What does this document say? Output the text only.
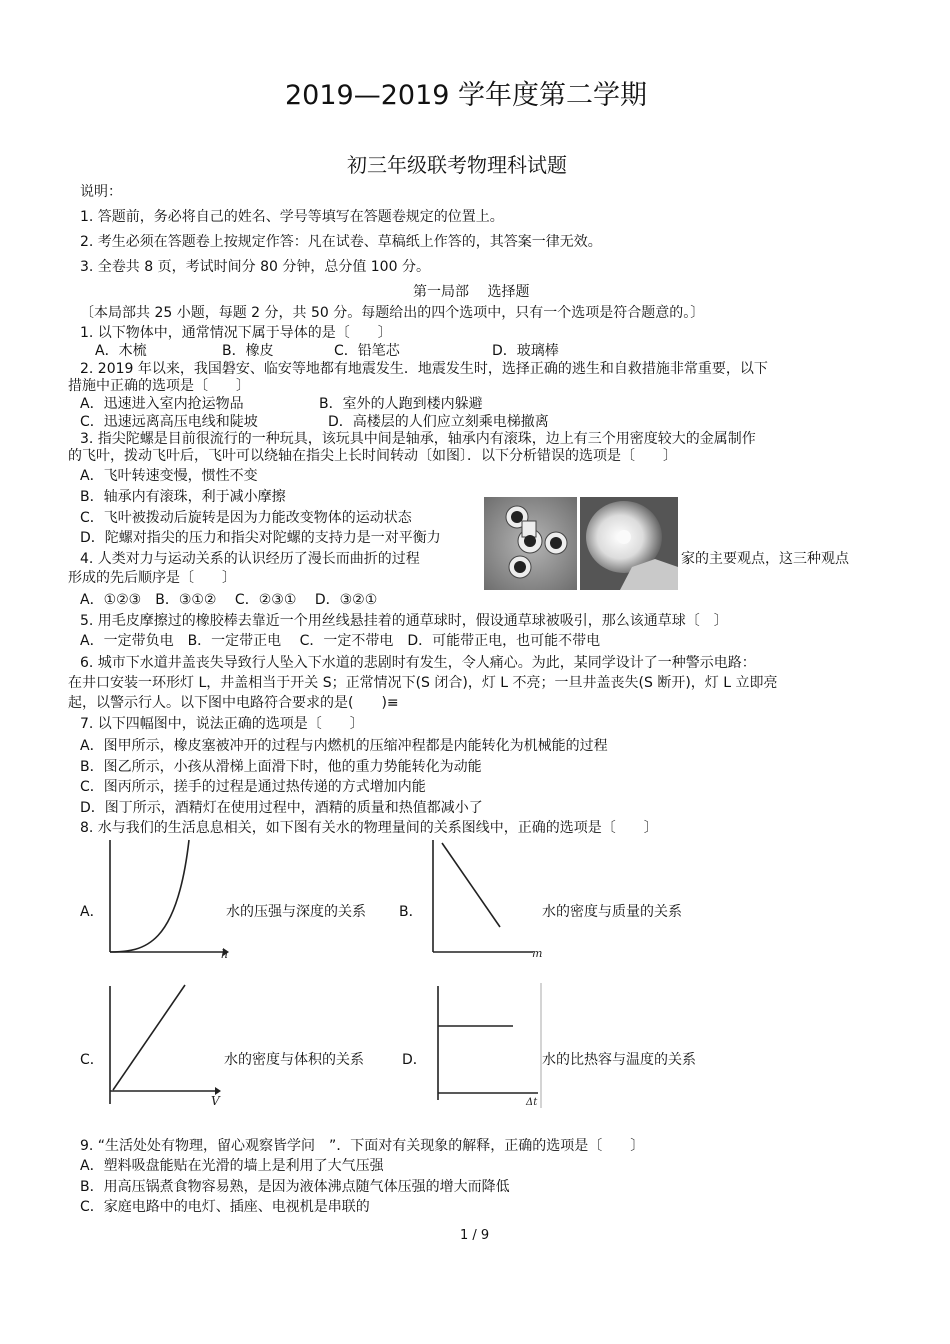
2019—2019 学年度第二学期
初三年级联考物理科试题
说明：
1. 答题前，务必将自己的姓名、学号等填写在答题卷规定的位置上。
2. 考生必须在答题卷上按规定作答：凡在试卷、草稿纸上作答的，其答案一律无效。
3. 全卷共 8 页，考试时间分 80 分钟，总分值 100 分。
第一局部　 选择题
〔本局部共 25 小题，每题 2 分，共 50 分。每题给出的四个选项中，只有一个选项是符合题意的。〕
1. 以下物体中，通常情况下属于导体的是〔　　〕
A．木梳	B．橡皮	C．铅笔芯	D．玻璃棒
2. 2019 年以来，我国磐安、临安等地都有地震发生．地震发生时，选择正确的逃生和自救措施非常重要，以下
措施中正确的选项是〔　　〕
A．迅速进入室内抢运物品	B．室外的人跑到楼内躲避
C．迅速远离高压电线和陡坡	D．高楼层的人们应立刻乘电梯撤离
3. 指尖陀螺是目前很流行的一种玩具，该玩具中间是轴承，轴承内有滚珠，边上有三个用密度较大的金属制作
的飞叶，拨动飞叶后，飞叶可以绕轴在指尖上长时间转动〔如图〕．以下分析错误的选项是〔　　〕
A．飞叶转速变慢，惯性不变
B．轴承内有滚珠，利于减小摩擦
C．飞叶被拨动后旋转是因为力能改变物体的运动状态
D．陀螺对指尖的压力和指尖对陀螺的支持力是一对平衡力
4. 人类对力与运动关系的认识经历了漫长而曲折的过程	家的主要观点，这三种观点
形成的先后顺序是〔　　〕
A．①②③　B．③①②　 C．②③①　 D．③②①
5. 用毛皮摩擦过的橡胶棒去靠近一个用丝线悬挂着的通草球时，假设通草球被吸引，那么该通草球〔　〕
A．一定带负电　B．一定带正电　 C．一定不带电　D．可能带正电，也可能不带电
6. 城市下水道井盖丧失导致行人坠入下水道的悲剧时有发生，令人痛心。为此，某同学设计了一种警示电路：
在井口安装一环形灯 L，井盖相当于开关 S；正常情况下(S 闭合)，灯 L 不亮；一旦井盖丧失(S 断开)，灯 L 立即亮
起，以警示行人。以下图中电路符合要求的是(　　)≡
7. 以下四幅图中，说法正确的选项是〔　　〕
A．图甲所示，橡皮塞被冲开的过程与内燃机的压缩冲程都是内能转化为机械能的过程
B．图乙所示，小孩从滑梯上面滑下时，他的重力势能转化为动能
C．图丙所示，搓手的过程是通过热传递的方式增加内能
D．图丁所示，酒精灯在使用过程中，酒精的质量和热值都减小了
8. 水与我们的生活息息相关，如下图有关水的物理量间的关系图线中，正确的选项是〔　　〕
A．
h
水的压强与深度的关系 B．
m
水的密度与质量的关系
C．
V
水的密度与体积的关系	D．
Δt
水的比热容与温度的关系
9. “生活处处有物理，留心观察皆学问　”．下面对有关现象的解释，正确的选项是〔　　〕
A．塑料吸盘能贴在光滑的墙上是利用了大气压强
B．用高压锅煮食物容易熟，是因为液体沸点随气体压强的增大而降低
C．家庭电路中的电灯、插座、电视机是串联的
1 / 9
